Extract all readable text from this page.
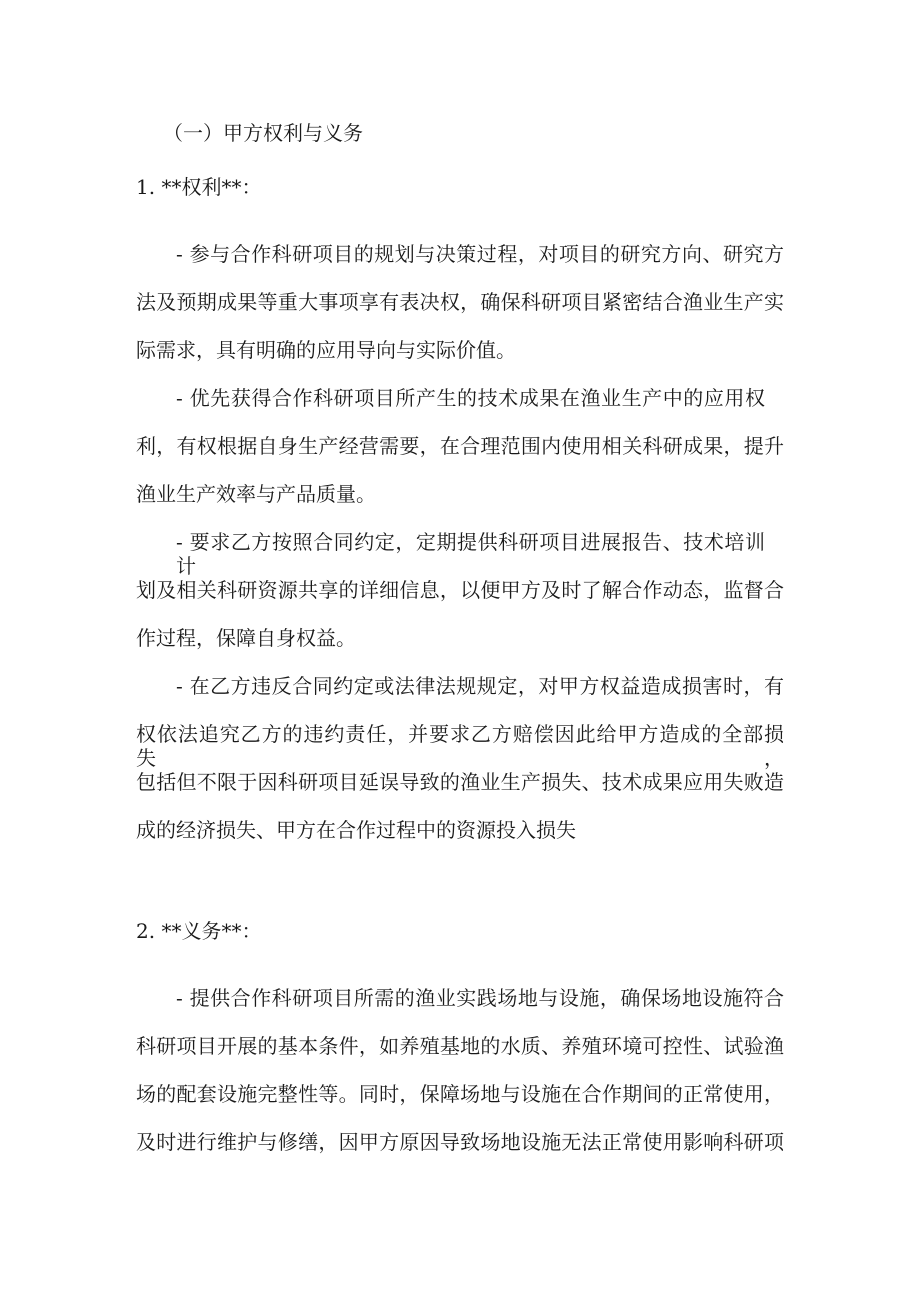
（一）甲方权利与义务

1. **权利**：

- 参与合作科研项目的规划与决策过程，对项目的研究方向、研究方

法及预期成果等重大事项享有表决权，确保科研项目紧密结合渔业生产实

际需求，具有明确的应用导向与实际价值。

- 优先获得合作科研项目所产生的技术成果在渔业生产中的应用权

利，有权根据自身生产经营需要，在合理范围内使用相关科研成果，提升

渔业生产效率与产品质量。

- 要求乙方按照合同约定，定期提供科研项目进展报告、技术培训计

划及相关科研资源共享的详细信息，以便甲方及时了解合作动态，监督合

作过程，保障自身权益。

- 在乙方违反合同约定或法律法规规定，对甲方权益造成损害时，有

权依法追究乙方的违约责任，并要求乙方赔偿因此给甲方造成的全部损失，

包括但不限于因科研项目延误导致的渔业生产损失、技术成果应用失败造

成的经济损失、甲方在合作过程中的资源投入损失

2. **义务**：

- 提供合作科研项目所需的渔业实践场地与设施，确保场地设施符合

科研项目开展的基本条件，如养殖基地的水质、养殖环境可控性、试验渔

场的配套设施完整性等。同时，保障场地与设施在合作期间的正常使用，

及时进行维护与修缮，因甲方原因导致场地设施无法正常使用影响科研项
